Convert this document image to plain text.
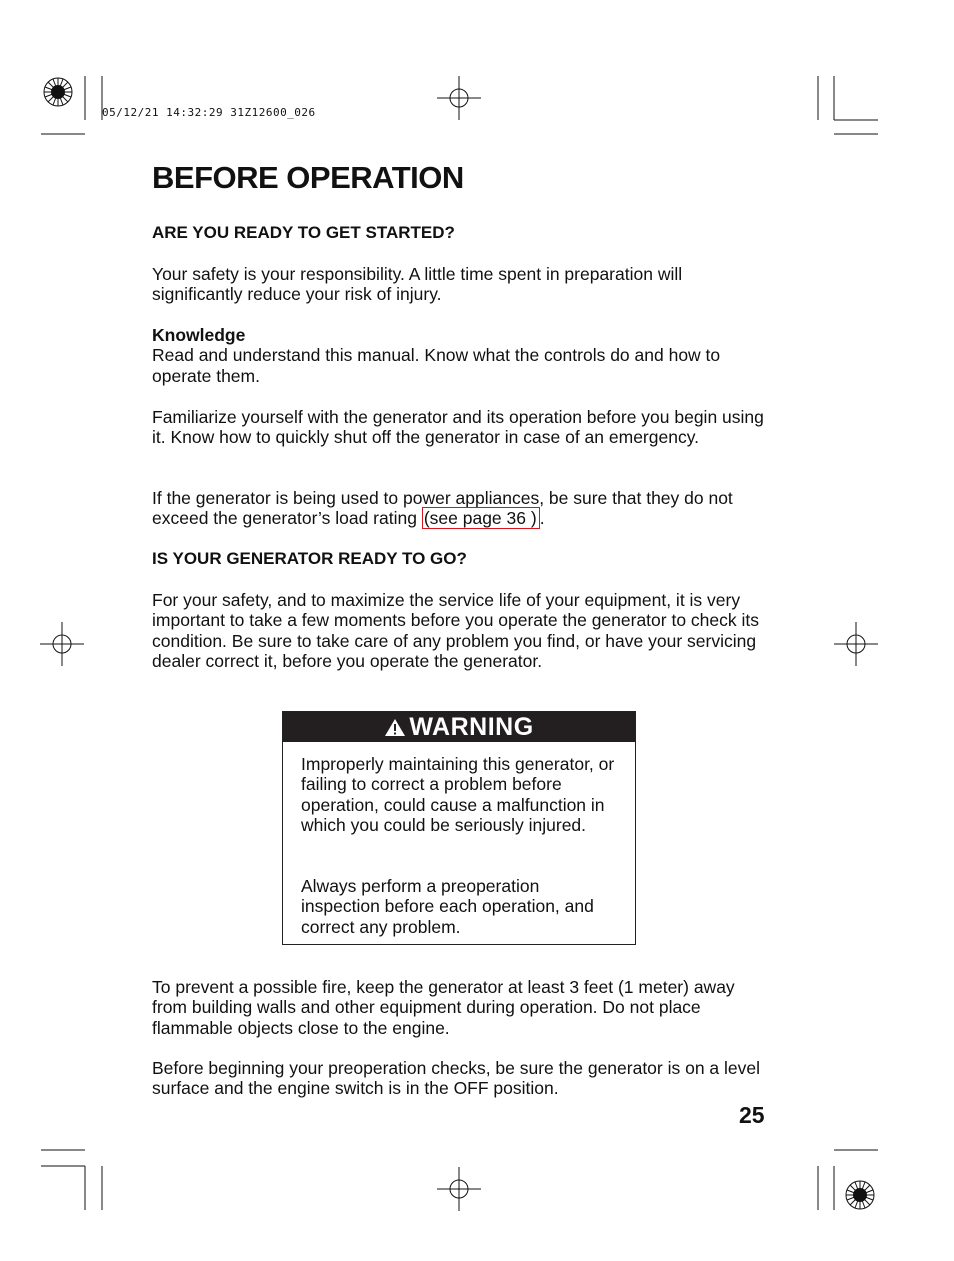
05/12/21 14:32:29 31Z12600_026
BEFORE OPERATION
ARE YOU READY TO GET STARTED?

Your safety is your responsibility. A little time spent in preparation will significantly reduce your risk of injury.

Knowledge
Read and understand this manual. Know what the controls do and how to operate them.

Familiarize yourself with the generator and its operation before you begin using it. Know how to quickly shut off the generator in case of an emergency.

If the generator is being used to power appliances, be sure that they do not exceed the generator’s load rating (see page 36 ) .

IS YOUR GENERATOR READY TO GO?

For your safety, and to maximize the service life of your equipment, it is very important to take a few moments before you operate the generator to check its condition. Be sure to take care of any problem you find, or have your servicing dealer correct it, before you operate the generator.

WARNING

Improperly maintaining this generator, or failing to correct a problem before operation, could cause a malfunction in which you could be seriously injured.

Always perform a preoperation inspection before each operation, and correct any problem.

To prevent a possible fire, keep the generator at least 3 feet (1 meter) away from building walls and other equipment during operation. Do not place flammable objects close to the engine.

Before beginning your preoperation checks, be sure the generator is on a level surface and the engine switch is in the OFF position.

25
